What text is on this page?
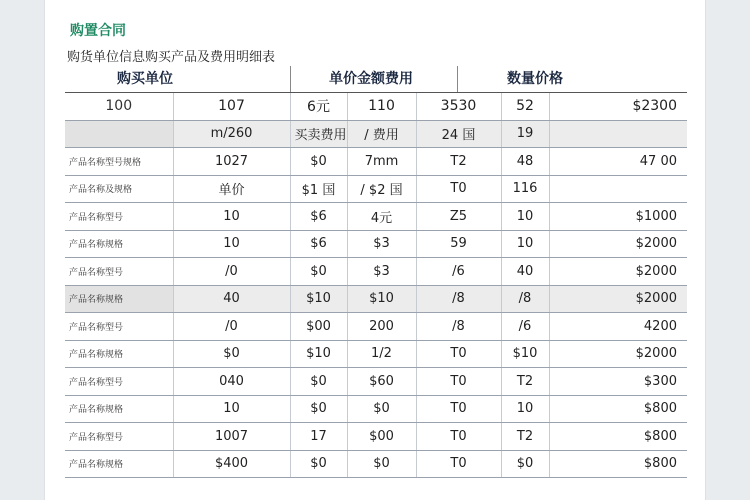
购置合同
购货单位信息购买产品及费用明细表
购买单位	单价金额费用	数量价格
100	107	6元	110	3530	52	$2300
	m/260	买卖费用	/ 费用	24 国	19	
产品名称型号规格	1027	$0	7mm	T2	48	47 00
产品名称及规格	单价	$1 国	/ $2 国	T0	116	
产品名称型号	10	$6	4元	Z5	10	$1000
产品名称规格	10	$6	$3	59	10	$2000
产品名称型号	/0	$0	$3	/6	40	$2000
产品名称规格	40	$10	$10	/8	/8	$2000
产品名称型号	/0	$00	200	/8	/6	4200
产品名称规格	$0	$10	1/2	T0	$10	$2000
产品名称型号	040	$0	$60	T0	T2	$300
产品名称规格	10	$0	$0	T0	10	$800
产品名称型号	1007	17	$00	T0	T2	$800
产品名称规格	$400	$0	$0	T0	$0	$800
